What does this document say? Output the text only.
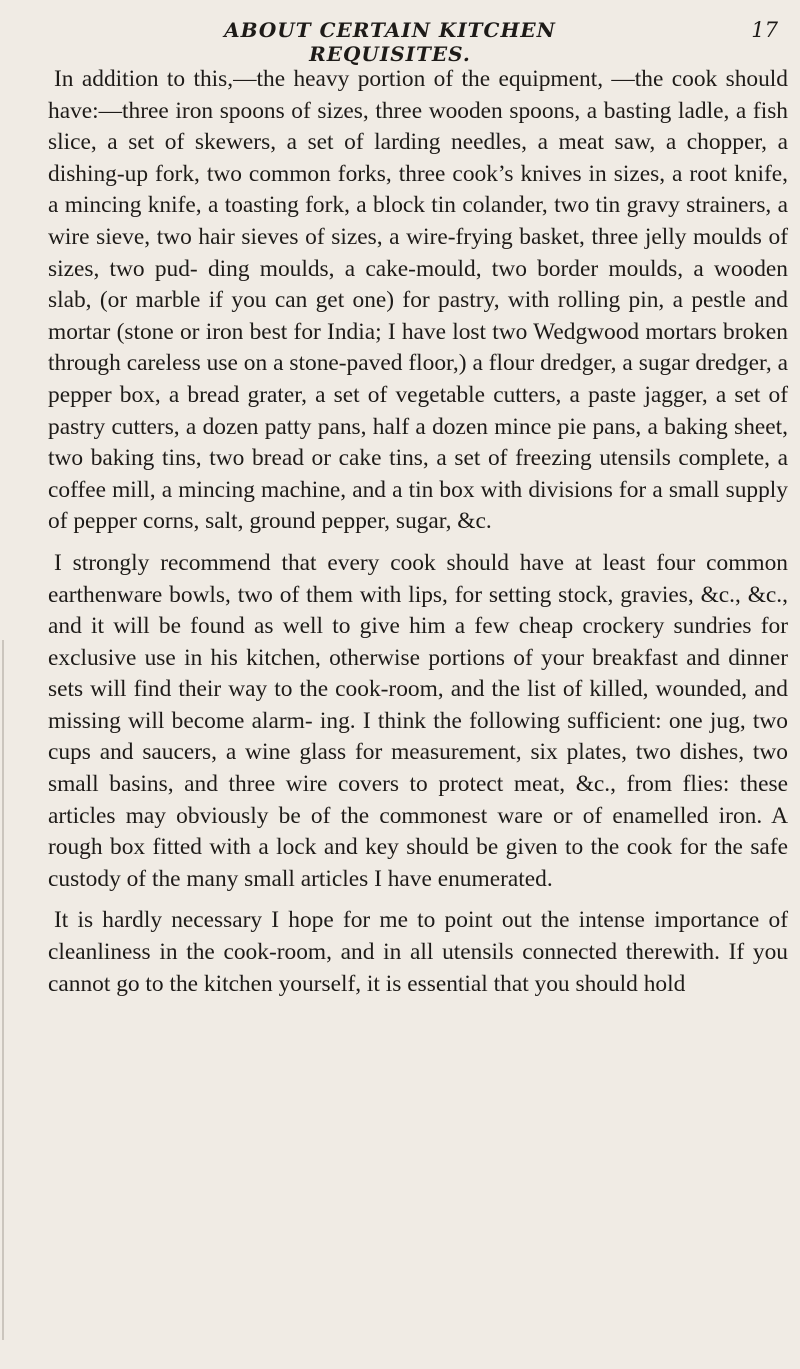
ABOUT CERTAIN KITCHEN REQUISITES.
17

In addition to this,—the heavy portion of the equipment, —the cook should have:—three iron spoons of sizes, three wooden spoons, a basting ladle, a fish slice, a set of skewers, a set of larding needles, a meat saw, a chopper, a dishing-up fork, two common forks, three cook’s knives in sizes, a root knife, a mincing knife, a toasting fork, a block tin colander, two tin gravy strainers, a wire sieve, two hair sieves of sizes, a wire-frying basket, three jelly moulds of sizes, two pud- ding moulds, a cake-mould, two border moulds, a wooden slab, (or marble if you can get one) for pastry, with rolling pin, a pestle and mortar (stone or iron best for India; I have lost two Wedgwood mortars broken through careless use on a stone-paved floor,) a flour dredger, a sugar dredger, a pepper box, a bread grater, a set of vegetable cutters, a paste jagger, a set of pastry cutters, a dozen patty pans, half a dozen mince pie pans, a baking sheet, two baking tins, two bread or cake tins, a set of freezing utensils complete, a coffee mill, a mincing machine, and a tin box with divisions for a small supply of pepper corns, salt, ground pepper, sugar, &c.

I strongly recommend that every cook should have at least four common earthenware bowls, two of them with lips, for setting stock, gravies, &c., &c., and it will be found as well to give him a few cheap crockery sundries for exclusive use in his kitchen, otherwise portions of your breakfast and dinner sets will find their way to the cook-room, and the list of killed, wounded, and missing will become alarm- ing. I think the following sufficient: one jug, two cups and saucers, a wine glass for measurement, six plates, two dishes, two small basins, and three wire covers to protect meat, &c., from flies: these articles may obviously be of the commonest ware or of enamelled iron. A rough box fitted with a lock and key should be given to the cook for the safe custody of the many small articles I have enumerated.

It is hardly necessary I hope for me to point out the intense importance of cleanliness in the cook-room, and in all utensils connected therewith. If you cannot go to the kitchen yourself, it is essential that you should hold
